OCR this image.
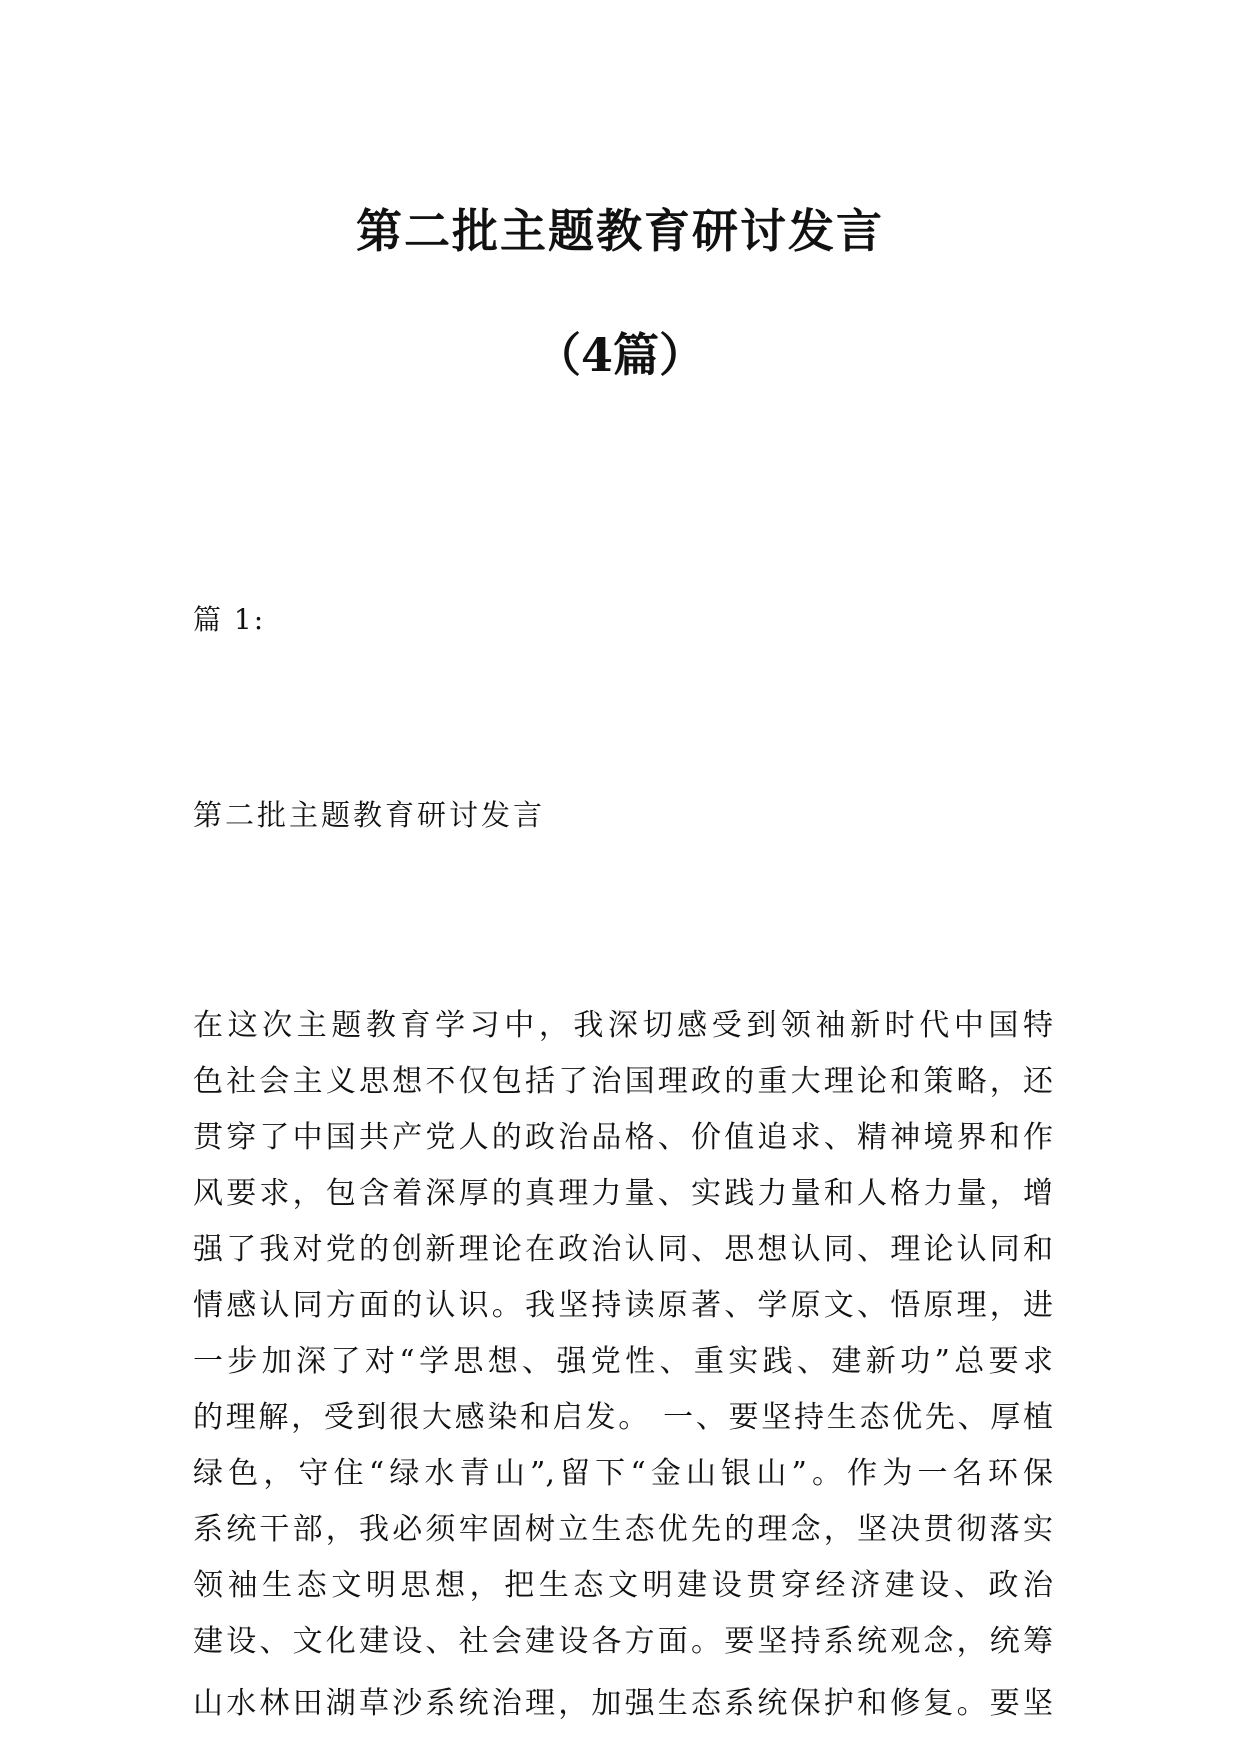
第二批主题教育研讨发言
（4篇）

篇 1:

第二批主题教育研讨发言

在这次主题教育学习中，我深切感受到领袖新时代中国特
色社会主义思想不仅包括了治国理政的重大理论和策略，还
贯穿了中国共产党人的政治品格、价值追求、精神境界和作
风要求，包含着深厚的真理力量、实践力量和人格力量，增
强了我对党的创新理论在政治认同、思想认同、理论认同和
情感认同方面的认识。我坚持读原著、学原文、悟原理，进
一步加深了对“学思想、强党性、重实践、建新功”总要求
的理解，受到很大感染和启发。 一、要坚持生态优先、厚植
绿色，守住“绿水青山”,留下“金山银山”。作为一名环保
系统干部，我必须牢固树立生态优先的理念，坚决贯彻落实
领袖生态文明思想，把生态文明建设贯穿经济建设、政治
建设、文化建设、社会建设各方面。要坚持系统观念，统筹
山水林田湖草沙系统治理，加强生态系统保护和修复。要坚
